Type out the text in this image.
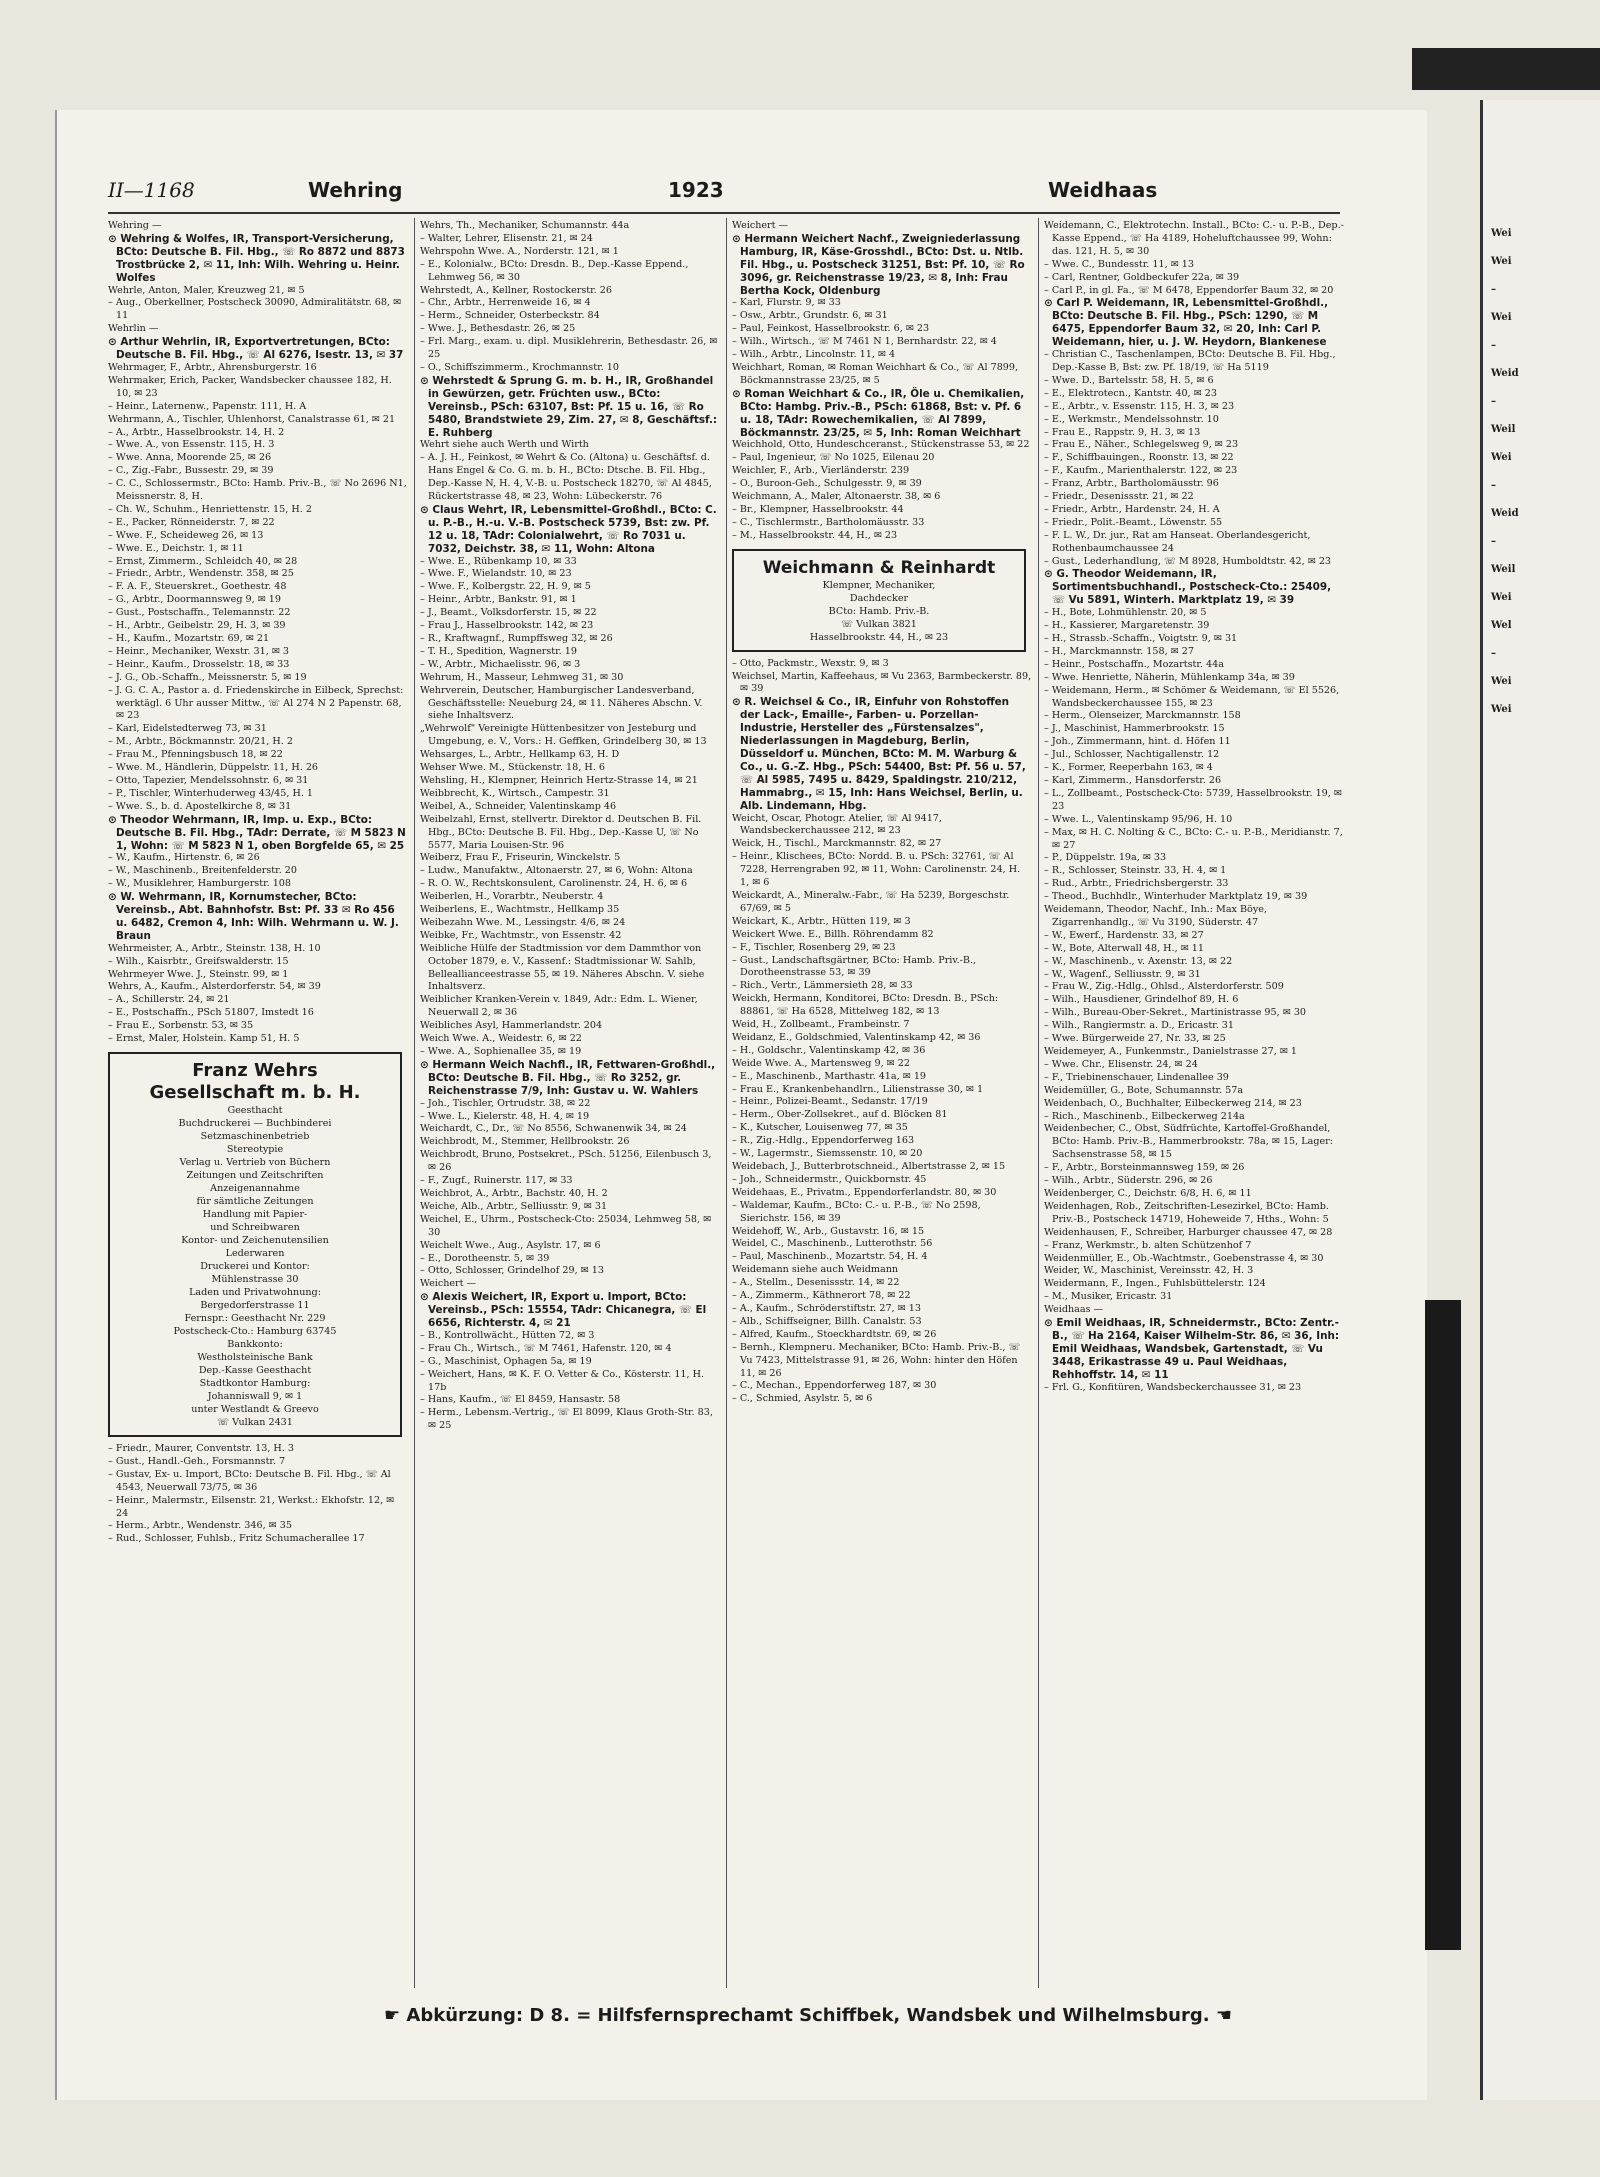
Wei
Wei
–
Wei
–
Weid
–
Weil
Wei
–
Weid
–
Weil
Wei
Wel
–
Wei
Wei
II—1168	Wehring	1923	Weidhaas

Wehring —

⊙ Wehring & Wolfes, IR, Transport-Versicherung, BCto: Deutsche B. Fil. Hbg., ☏ Ro 8872 und 8873 Trostbrücke 2, ✉ 11, Inh: Wilh. Wehring u. Heinr. Wolfes

Wehrle, Anton, Maler, Kreuzweg 21, ✉ 5

– Aug., Oberkellner, Postscheck 30090, Admiralitätstr. 68, ✉ 11

Wehrlin —

⊙ Arthur Wehrlin, IR, Exportvertretungen, BCto: Deutsche B. Fil. Hbg., ☏ Al 6276, Isestr. 13, ✉ 37

Wehrmager, F., Arbtr., Ahrensburgerstr. 16

Wehrmaker, Erich, Packer, Wandsbecker chaussee 182, H. 10, ✉ 23

– Heinr., Laternenw., Papenstr. 111, H. A

Wehrmann, A., Tischler, Uhlenhorst, Canalstrasse 61, ✉ 21

– A., Arbtr., Hasselbrookstr. 14, H. 2

– Wwe. A., von Essenstr. 115, H. 3

– Wwe. Anna, Moorende 25, ✉ 26

– C., Zig.-Fabr., Bussestr. 29, ✉ 39

– C. C., Schlossermstr., BCto: Hamb. Priv.-B., ☏ No 2696 N1, Meissnerstr. 8, H.

– Ch. W., Schuhm., Henriettenstr. 15, H. 2

– E., Packer, Rönneiderstr. 7, ✉ 22

– Wwe. F., Scheideweg 26, ✉ 13

– Wwe. E., Deichstr. 1, ✉ 11

– Ernst, Zimmerm., Schleidch 40, ✉ 28

– Friedr., Arbtr., Wendenstr. 358, ✉ 25

– F. A. F., Steuerskret., Goethestr. 48

– G., Arbtr., Doormannsweg 9, ✉ 19

– Gust., Postschaffn., Telemannstr. 22

– H., Arbtr., Geibelstr. 29, H. 3, ✉ 39

– H., Kaufm., Mozartstr. 69, ✉ 21

– Heinr., Mechaniker, Wexstr. 31, ✉ 3

– Heinr., Kaufm., Drosselstr. 18, ✉ 33

– J. G., Ob.-Schaffn., Meissnerstr. 5, ✉ 19

– J. G. C. A., Pastor a. d. Friedenskirche in Eilbeck, Sprechst: werktägl. 6 Uhr ausser Mittw., ☏ Al 274 N 2 Papenstr. 68, ✉ 23

– Karl, Eidelstedterweg 73, ✉ 31

– M., Arbtr., Böckmannstr. 20/21, H. 2

– Frau M., Pfenningsbusch 18, ✉ 22

– Wwe. M., Händlerin, Düppelstr. 11, H. 26

– Otto, Tapezier, Mendelssohnstr. 6, ✉ 31

– P., Tischler, Winterhuderweg 43/45, H. 1

– Wwe. S., b. d. Apostelkirche 8, ✉ 31

⊙ Theodor Wehrmann, IR, Imp. u. Exp., BCto: Deutsche B. Fil. Hbg., TAdr: Derrate, ☏ M 5823 N 1, Wohn: ☏ M 5823 N 1, oben Borgfelde 65, ✉ 25

– W., Kaufm., Hirtenstr. 6, ✉ 26

– W., Maschinenb., Breitenfelderstr. 20

– W., Musiklehrer, Hamburgerstr. 108

⊙ W. Wehrmann, IR, Kornumstecher, BCto: Vereinsb., Abt. Bahnhofstr. Bst: Pf. 33 ✉ Ro 456 u. 6482, Cremon 4, Inh: Wilh. Wehrmann u. W. J. Braun

Wehrmeister, A., Arbtr., Steinstr. 138, H. 10

– Wilh., Kaisrbtr., Greifswalderstr. 15

Wehrmeyer Wwe. J., Steinstr. 99, ✉ 1

Wehrs, A., Kaufm., Alsterdorferstr. 54, ✉ 39

– A., Schillerstr. 24, ✉ 21

– E., Postschaffn., PSch 51807, Imstedt 16

– Frau E., Sorbenstr. 53, ✉ 35

– Ernst, Maler, Holstein. Kamp 51, H. 5

Franz Wehrs
Gesellschaft m. b. H.
Geesthacht
Buchdruckerei — Buchbinderei
Setzmaschinenbetrieb
Stereotypie
Verlag u. Vertrieb von Büchern
Zeitungen und Zeitschriften
Anzeigenannahme
für sämtliche Zeitungen
Handlung mit Papier-
und Schreibwaren
Kontor- und Zeichenutensilien
Lederwaren
Druckerei und Kontor:
Mühlenstrasse 30
Laden und Privatwohnung:
Bergedorferstrasse 11
Fernspr.: Geesthacht Nr. 229
Postscheck-Cto.: Hamburg 63745
Bankkonto:
Westholsteinische Bank
Dep.-Kasse Geesthacht
Stadtkontor Hamburg:
Johanniswall 9, ✉ 1
unter Westlandt & Greevo
☏ Vulkan 2431

– Friedr., Maurer, Conventstr. 13, H. 3

– Gust., Handl.-Geh., Forsmannstr. 7

– Gustav, Ex- u. Import, BCto: Deutsche B. Fil. Hbg., ☏ Al 4543, Neuerwall 73/75, ✉ 36

– Heinr., Malermstr., Eilsenstr. 21, Werkst.: Ekhofstr. 12, ✉ 24

– Herm., Arbtr., Wendenstr. 346, ✉ 35

– Rud., Schlosser, Fuhlsb., Fritz Schumacherallee 17

Wehrs, Th., Mechaniker, Schumannstr. 44a

– Walter, Lehrer, Elisenstr. 21, ✉ 24

Wehrspohn Wwe. A., Norderstr. 121, ✉ 1

– E., Kolonialw., BCto: Dresdn. B., Dep.-Kasse Eppend., Lehmweg 56, ✉ 30

Wehrstedt, A., Kellner, Rostockerstr. 26

– Chr., Arbtr., Herrenweide 16, ✉ 4

– Herm., Schneider, Osterbeckstr. 84

– Wwe. J., Bethesdastr. 26, ✉ 25

– Frl. Marg., exam. u. dipl. Musiklehrerin, Bethesdastr. 26, ✉ 25

– O., Schiffszimmerm., Krochmannstr. 10

⊙ Wehrstedt & Sprung G. m. b. H., IR, Großhandel in Gewürzen, getr. Früchten usw., BCto: Vereinsb., PSch: 63107, Bst: Pf. 15 u. 16, ☏ Ro 5480, Brandstwiete 29, Zim. 27, ✉ 8, Geschäftsf.: E. Ruhberg

Wehrt siehe auch Werth und Wirth

– A. J. H., Feinkost, ✉ Wehrt & Co. (Altona) u. Geschäftsf. d. Hans Engel & Co. G. m. b. H., BCto: Dtsche. B. Fil. Hbg., Dep.-Kasse N, H. 4, V.-B. u. Postscheck 18270, ☏ Al 4845, Rückertstrasse 48, ✉ 23, Wohn: Lübeckerstr. 76

⊙ Claus Wehrt, IR, Lebensmittel-Großhdl., BCto: C. u. P.-B., H.-u. V.-B. Postscheck 5739, Bst: zw. Pf. 12 u. 18, TAdr: Colonialwehrt, ☏ Ro 7031 u. 7032, Deichstr. 38, ✉ 11, Wohn: Altona

– Wwe. E., Rübenkamp 10, ✉ 33

– Wwe. F., Wielandstr. 10, ✉ 23

– Wwe. F., Kolbergstr. 22, H. 9, ✉ 5

– Heinr., Arbtr., Bankstr. 91, ✉ 1

– J., Beamt., Volksdorferstr. 15, ✉ 22

– Frau J., Hasselbrookstr. 142, ✉ 23

– R., Kraftwagnf., Rumpffsweg 32, ✉ 26

– T. H., Spedition, Wagnerstr. 19

– W., Arbtr., Michaelisstr. 96, ✉ 3

Wehrum, H., Masseur, Lehmweg 31, ✉ 30

Wehrverein, Deutscher, Hamburgischer Landesverband, Geschäftsstelle: Neueburg 24, ✉ 11. Näheres Abschn. V. siehe Inhaltsverz.

„Wehrwolf" Vereinigte Hüttenbesitzer von Jesteburg und Umgebung, e. V., Vors.: H. Geffken, Grindelberg 30, ✉ 13

Wehsarges, L., Arbtr., Hellkamp 63, H. D

Wehser Wwe. M., Stückenstr. 18, H. 6

Wehsling, H., Klempner, Heinrich Hertz-Strasse 14, ✉ 21

Weibbrecht, K., Wirtsch., Campestr. 31

Weibel, A., Schneider, Valentinskamp 46

Weibelzahl, Ernst, stellvertr. Direktor d. Deutschen B. Fil. Hbg., BCto: Deutsche B. Fil. Hbg., Dep.-Kasse U, ☏ No 5577, Maria Louisen-Str. 96

Weiberz, Frau F., Friseurin, Winckelstr. 5

– Ludw., Manufaktw., Altonaerstr. 27, ✉ 6, Wohn: Altona

– R. O. W., Rechtskonsulent, Carolinenstr. 24, H. 6, ✉ 6

Weiberlen, H., Vorarbtr., Neuberstr. 4

Weiberlens, E., Wachtmstr., Hellkamp 35

Weibezahn Wwe. M., Lessingstr. 4/6, ✉ 24

Weibke, Fr., Wachtmstr., von Essenstr. 42

Weibliche Hülfe der Stadtmission vor dem Dammthor von October 1879, e. V., Kassenf.: Stadtmissionar W. Sahlb, Belleallianceestrasse 55, ✉ 19. Näheres Abschn. V. siehe Inhaltsverz.

Weiblicher Kranken-Verein v. 1849, Adr.: Edm. L. Wiener, Neuerwall 2, ✉ 36

Weibliches Asyl, Hammerlandstr. 204

Weich Wwe. A., Weidestr. 6, ✉ 22

– Wwe. A., Sophienallee 35, ✉ 19

⊙ Hermann Weich Nachfl., IR, Fettwaren-Großhdl., BCto: Deutsche B. Fil. Hbg., ☏ Ro 3252, gr. Reichenstrasse 7/9, Inh: Gustav u. W. Wahlers

– Joh., Tischler, Ortrudstr. 38, ✉ 22

– Wwe. L., Kielerstr. 48, H. 4, ✉ 19

Weichardt, C., Dr., ☏ No 8556, Schwanenwik 34, ✉ 24

Weichbrodt, M., Stemmer, Hellbrookstr. 26

Weichbrodt, Bruno, Postsekret., PSch. 51256, Eilenbusch 3, ✉ 26

– F., Zugf., Ruinerstr. 117, ✉ 33

Weichbrot, A., Arbtr., Bachstr. 40, H. 2

Weiche, Alb., Arbtr., Selliusstr. 9, ✉ 31

Weichel, E., Uhrm., Postscheck-Cto: 25034, Lehmweg 58, ✉ 30

Weichelt Wwe., Aug., Asylstr. 17, ✉ 6

– E., Dorotheenstr. 5, ✉ 39

– Otto, Schlosser, Grindelhof 29, ✉ 13

Weichert —

⊙ Alexis Weichert, IR, Export u. Import, BCto: Vereinsb., PSch: 15554, TAdr: Chicanegra, ☏ El 6656, Richterstr. 4, ✉ 21

– B., Kontrollwächt., Hütten 72, ✉ 3

– Frau Ch., Wirtsch., ☏ M 7461, Hafenstr. 120, ✉ 4

– G., Maschinist, Ophagen 5a, ✉ 19

– Weichert, Hans, ✉ K. F. O. Vetter & Co., Kösterstr. 11, H. 17b

– Hans, Kaufm., ☏ El 8459, Hansastr. 58

– Herm., Lebensm.-Vertrig., ☏ El 8099, Klaus Groth-Str. 83, ✉ 25

Weichert —

⊙ Hermann Weichert Nachf., Zweigniederlassung Hamburg, IR, Käse-Grosshdl., BCto: Dst. u. Ntlb. Fil. Hbg., u. Postscheck 31251, Bst: Pf. 10, ☏ Ro 3096, gr. Reichenstrasse 19/23, ✉ 8, Inh: Frau Bertha Kock, Oldenburg

– Karl, Flurstr. 9, ✉ 33

– Osw., Arbtr., Grundstr. 6, ✉ 31

– Paul, Feinkost, Hasselbrookstr. 6, ✉ 23

– Wilh., Wirtsch., ☏ M 7461 N 1, Bernhardstr. 22, ✉ 4

– Wilh., Arbtr., Lincolnstr. 11, ✉ 4

Weichhart, Roman, ✉ Roman Weichhart & Co., ☏ Al 7899, Böckmannstrasse 23/25, ✉ 5

⊙ Roman Weichhart & Co., IR, Öle u. Chemikalien, BCto: Hambg. Priv.-B., PSch: 61868, Bst: v. Pf. 6 u. 18, TAdr: Rowechemikalien, ☏ Al 7899, Böckmannstr. 23/25, ✉ 5, Inh: Roman Weichhart

Weichhold, Otto, Hundeschceranst., Stückenstrasse 53, ✉ 22

– Paul, Ingenieur, ☏ No 1025, Eilenau 20

Weichler, F., Arb., Vierländerstr. 239

– O., Buroon-Geh., Schulgesstr. 9, ✉ 39

Weichmann, A., Maler, Altonaerstr. 38, ✉ 6

– Br., Klempner, Hasselbrookstr. 44

– C., Tischlermstr., Bartholomäusstr. 33

– M., Hasselbrookstr. 44, H., ✉ 23

Weichmann & Reinhardt
Klempner, Mechaniker,
Dachdecker
BCto: Hamb. Priv.-B.
☏ Vulkan 3821
Hasselbrookstr. 44, H., ✉ 23

– Otto, Packmstr., Wexstr. 9, ✉ 3

Weichsel, Martin, Kaffeehaus, ✉ Vu 2363, Barmbeckerstr. 89, ✉ 39

⊙ R. Weichsel & Co., IR, Einfuhr von Rohstoffen der Lack-, Emaille-, Farben- u. Porzellan-Industrie, Hersteller des „Fürstensalzes", Niederlassungen in Magdeburg, Berlin, Düsseldorf u. München, BCto: M. M. Warburg & Co., u. G.-Z. Hbg., PSch: 54400, Bst: Pf. 56 u. 57, ☏ Al 5985, 7495 u. 8429, Spaldingstr. 210/212, Hammabrg., ✉ 15, Inh: Hans Weichsel, Berlin, u. Alb. Lindemann, Hbg.

Weicht, Oscar, Photogr. Atelier, ☏ Al 9417, Wandsbeckerchaussee 212, ✉ 23

Weick, H., Tischl., Marckmannstr. 82, ✉ 27

– Heinr., Klischees, BCto: Nordd. B. u. PSch: 32761, ☏ Al 7228, Herrengraben 92, ✉ 11, Wohn: Carolinenstr. 24, H. 1, ✉ 6

Weickardt, A., Mineralw.-Fabr., ☏ Ha 5239, Borgeschstr. 67/69, ✉ 5

Weickart, K., Arbtr., Hütten 119, ✉ 3

Weickert Wwe. E., Billh. Röhrendamm 82

– F., Tischler, Rosenberg 29, ✉ 23

– Gust., Landschaftsgärtner, BCto: Hamb. Priv.-B., Dorotheenstrasse 53, ✉ 39

– Rich., Vertr., Lämmersieth 28, ✉ 33

Weickh, Hermann, Konditorei, BCto: Dresdn. B., PSch: 88861, ☏ Ha 6528, Mittelweg 182, ✉ 13

Weid, H., Zollbeamt., Frambeinstr. 7

Weidanz, E., Goldschmied, Valentinskamp 42, ✉ 36

– H., Goldschr., Valentinskamp 42, ✉ 36

Weide Wwe. A., Martensweg 9, ✉ 22

– E., Maschinenb., Marthastr. 41a, ✉ 19

– Frau E., Krankenbehandlrn., Lilienstrasse 30, ✉ 1

– Heinr., Polizei-Beamt., Sedanstr. 17/19

– Herm., Ober-Zollsekret., auf d. Blöcken 81

– K., Kutscher, Louisenweg 77, ✉ 35

– R., Zig.-Hdlg., Eppendorferweg 163

– W., Lagermstr., Siemssenstr. 10, ✉ 20

Weidebach, J., Butterbrotschneid., Albertstrasse 2, ✉ 15

– Joh., Schneidermstr., Quickbornstr. 45

Weidehaas, E., Privatm., Eppendorferlandstr. 80, ✉ 30

– Waldemar, Kaufm., BCto: C.- u. P.-B., ☏ No 2598, Sierichstr. 156, ✉ 39

Weidehoff, W., Arb., Gustavstr. 16, ✉ 15

Weidel, C., Maschinenb., Lutterothstr. 56

– Paul, Maschinenb., Mozartstr. 54, H. 4

Weidemann siehe auch Weidmann

– A., Stellm., Desenissstr. 14, ✉ 22

– A., Zimmerm., Käthnerort 78, ✉ 22

– A., Kaufm., Schröderstiftstr. 27, ✉ 13

– Alb., Schiffseigner, Billh. Canalstr. 53

– Alfred, Kaufm., Stoeckhardtstr. 69, ✉ 26

– Bernh., Klempneru. Mechaniker, BCto: Hamb. Priv.-B., ☏ Vu 7423, Mittelstrasse 91, ✉ 26, Wohn: hinter den Höfen 11, ✉ 26

– C., Mechan., Eppendorferweg 187, ✉ 30

– C., Schmied, Asylstr. 5, ✉ 6

Weidemann, C., Elektrotechn. Install., BCto: C.- u. P.-B., Dep.-Kasse Eppend., ☏ Ha 4189, Hoheluftchaussee 99, Wohn: das. 121, H. 5, ✉ 30

– Wwe. C., Bundesstr. 11, ✉ 13

– Carl, Rentner, Goldbeckufer 22a, ✉ 39

– Carl P., in gl. Fa., ☏ M 6478, Eppendorfer Baum 32, ✉ 20

⊙ Carl P. Weidemann, IR, Lebensmittel-Großhdl., BCto: Deutsche B. Fil. Hbg., PSch: 1290, ☏ M 6475, Eppendorfer Baum 32, ✉ 20, Inh: Carl P. Weidemann, hier, u. J. W. Heydorn, Blankenese

– Christian C., Taschenlampen, BCto: Deutsche B. Fil. Hbg., Dep.-Kasse B, Bst: zw. Pf. 18/19, ☏ Ha 5119

– Wwe. D., Bartelsstr. 58, H. 5, ✉ 6

– E., Elektrotecn., Kantstr. 40, ✉ 23

– E., Arbtr., v. Essenstr. 115, H. 3, ✉ 23

– E., Werkmstr., Mendelssohnstr. 10

– Frau E., Rappstr. 9, H. 3, ✉ 13

– Frau E., Näher., Schlegelsweg 9, ✉ 23

– F., Schiffbauingen., Roonstr. 13, ✉ 22

– F., Kaufm., Marienthalerstr. 122, ✉ 23

– Franz, Arbtr., Bartholomäusstr. 96

– Friedr., Desenissstr. 21, ✉ 22

– Friedr., Arbtr., Hardenstr. 24, H. A

– Friedr., Polit.-Beamt., Löwenstr. 55

– F. L. W., Dr. jur., Rat am Hanseat. Oberlandesgericht, Rothenbaumchaussee 24

– Gust., Lederhandlung, ☏ M 8928, Humboldtstr. 42, ✉ 23

⊙ G. Theodor Weidemann, IR, Sortimentsbuchhandl., Postscheck-Cto.: 25409, ☏ Vu 5891, Winterh. Marktplatz 19, ✉ 39

– H., Bote, Lohmühlenstr. 20, ✉ 5

– H., Kassierer, Margaretenstr. 39

– H., Strassb.-Schaffn., Voigtstr. 9, ✉ 31

– H., Marckmannstr. 158, ✉ 27

– Heinr., Postschaffn., Mozartstr. 44a

– Wwe. Henriette, Näherin, Mühlenkamp 34a, ✉ 39

– Weidemann, Herm., ✉ Schömer & Weidemann, ☏ El 5526, Wandsbeckerchaussee 155, ✉ 23

– Herm., Olenseizer, Marckmannstr. 158

– J., Maschinist, Hammerbrookstr. 15

– Joh., Zimmermann, hint. d. Höfen 11

– Jul., Schlosser, Nachtigallenstr. 12

– K., Former, Reeperbahn 163, ✉ 4

– Karl, Zimmerm., Hansdorferstr. 26

– L., Zollbeamt., Postscheck-Cto: 5739, Hasselbrookstr. 19, ✉ 23

– Wwe. L., Valentinskamp 95/96, H. 10

– Max, ✉ H. C. Nolting & C., BCto: C.- u. P.-B., Meridianstr. 7, ✉ 27

– P., Düppelstr. 19a, ✉ 33

– R., Schlosser, Steinstr. 33, H. 4, ✉ 1

– Rud., Arbtr., Friedrichsbergerstr. 33

– Theod., Buchhdlr., Winterhuder Marktplatz 19, ✉ 39

Weidemann, Theodor, Nachf., Inh.: Max Böye, Zigarrenhandlg., ☏ Vu 3190, Süderstr. 47

– W., Ewerf., Hardenstr. 33, ✉ 27

– W., Bote, Alterwall 48, H., ✉ 11

– W., Maschinenb., v. Axenstr. 13, ✉ 22

– W., Wagenf., Selliusstr. 9, ✉ 31

– Frau W., Zig.-Hdlg., Ohlsd., Alsterdorferstr. 509

– Wilh., Hausdiener, Grindelhof 89, H. 6

– Wilh., Bureau-Ober-Sekret., Martinistrasse 95, ✉ 30

– Wilh., Rangiermstr. a. D., Ericastr. 31

– Wwe. Bürgerweide 27, Nr. 33, ✉ 25

Weidemeyer, A., Funkenmstr., Danielstrasse 27, ✉ 1

– Wwe. Chr., Elisenstr. 24, ✉ 24

– F., Triebinenschauer, Lindenallee 39

Weidemüller, G., Bote, Schumannstr. 57a

Weidenbach, O., Buchhalter, Eilbeckerweg 214, ✉ 23

– Rich., Maschinenb., Eilbeckerweg 214a

Weidenbecher, C., Obst, Südfrüchte, Kartoffel-Großhandel, BCto: Hamb. Priv.-B., Hammerbrookstr. 78a, ✉ 15, Lager: Sachsenstrasse 58, ✉ 15

– F., Arbtr., Borsteinmannsweg 159, ✉ 26

– Wilh., Arbtr., Süderstr. 296, ✉ 26

Weidenberger, C., Deichstr. 6/8, H. 6, ✉ 11

Weidenhagen, Rob., Zeitschriften-Lesezirkel, BCto: Hamb. Priv.-B., Postscheck 14719, Hoheweide 7, Hths., Wohn: 5

Weidenhausen, F., Schreiber, Harburger chaussee 47, ✉ 28

– Franz, Werkmstr., b. alten Schützenhof 7

Weidenmüller, E., Ob.-Wachtmstr., Goebenstrasse 4, ✉ 30

Weider, W., Maschinist, Vereinsstr. 42, H. 3

Weidermann, F., Ingen., Fuhlsbüttelerstr. 124

– M., Musiker, Ericastr. 31

Weidhaas —

⊙ Emil Weidhaas, IR, Schneidermstr., BCto: Zentr.-B., ☏ Ha 2164, Kaiser Wilhelm-Str. 86, ✉ 36, Inh: Emil Weidhaas, Wandsbek, Gartenstadt, ☏ Vu 3448, Erikastrasse 49 u. Paul Weidhaas, Rehhoffstr. 14, ✉ 11

– Frl. G., Konfitüren, Wandsbeckerchaussee 31, ✉ 23

☛ Abkürzung: D 8. = Hilfsfernsprechamt Schiffbek, Wandsbek und Wilhelmsburg. ☚
